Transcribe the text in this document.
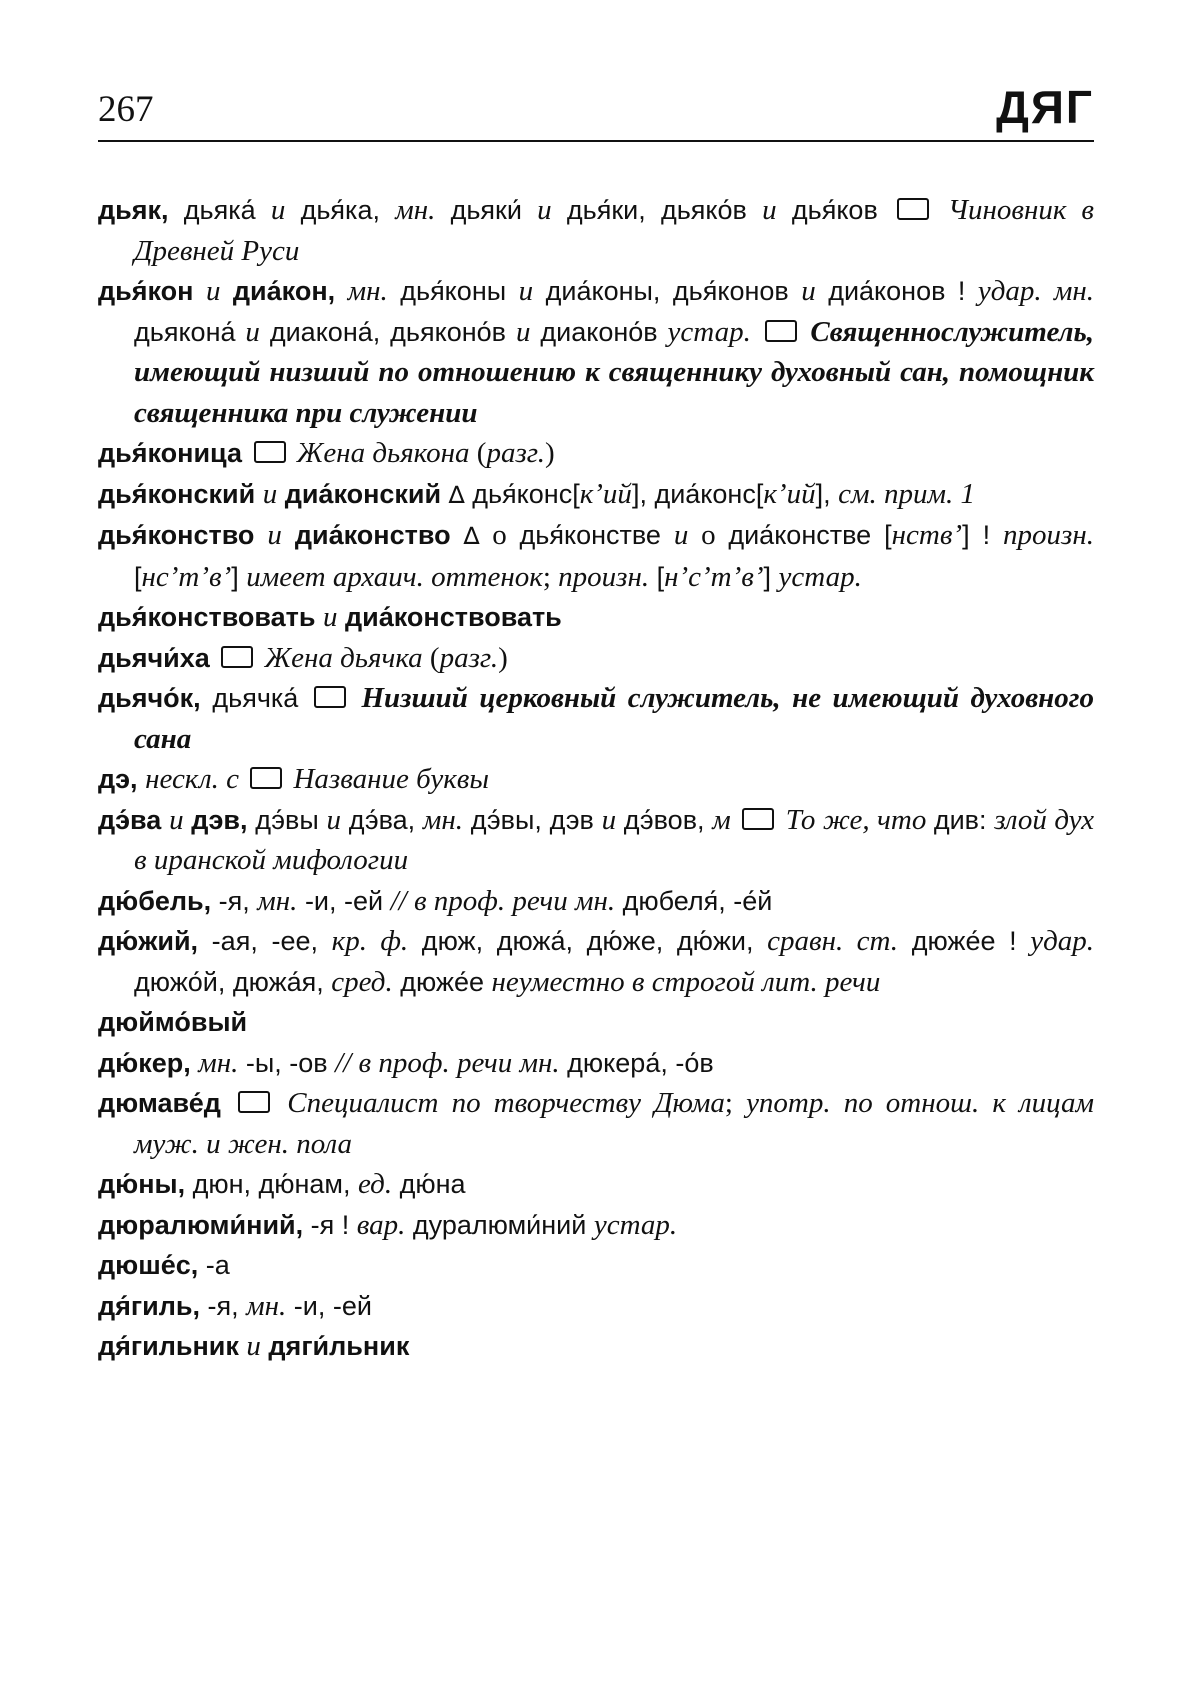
267	ДЯГ
дьяк, дьяка́ и дья́ка, мн. дьяки́ и дья́ки, дьяко́в и дья́ков  Чиновник в Древней Руси
дья́кон и диа́кон, мн. дья́коны и диа́коны, дья́конов и диа́конов ! удар. мн. дьякона́ и диакона́, дьяконо́в и диаконо́в устар.  Священнослужитель, имеющий низший по отношению к священнику духовный сан, помощник священника при служении
дья́коница  Жена дьякона (разг.)
дья́конский и диа́конский ∆ дья́конс[кʼий], диа́конс[кʼий], см. прим. 1
дья́конство и диа́конство ∆ о дья́констве и о диа́констве [нствʼ] ! произн. [нсʼтʼвʼ] имеет архаич. оттенок; произн. [нʼсʼтʼвʼ] устар.
дья́конствовать и диа́конствовать
дьячи́ха  Жена дьячка (разг.)
дьячо́к, дьячка́  Низший церковный служитель, не имеющий духовного сана
дэ, нескл. с  Название буквы
дэ́ва и дэв, дэ́вы и дэ́ва, мн. дэ́вы, дэв и дэ́вов, м  То же, что див: злой дух в иранской мифологии
дю́бель, -я, мн. -и, -ей // в проф. речи мн. дюбеля́, -е́й
дю́жий, -ая, -ее, кр. ф. дюж, дюжа́, дю́же, дю́жи, сравн. ст. дюже́е ! удар. дюжо́й, дюжа́я, сред. дюже́е неуместно в строгой лит. речи
дюймо́вый
дю́кер, мн. -ы, -ов // в проф. речи мн. дюкера́, -о́в
дюмаве́д  Специалист по творчеству Дюма; употр. по отнош. к лицам муж. и жен. пола
дю́ны, дюн, дю́нам, ед. дю́на
дюралюми́ний, -я ! вар. дуралюми́ний устар.
дюше́с, -а
дя́гиль, -я, мн. -и, -ей
дя́гильник и дяги́льник
